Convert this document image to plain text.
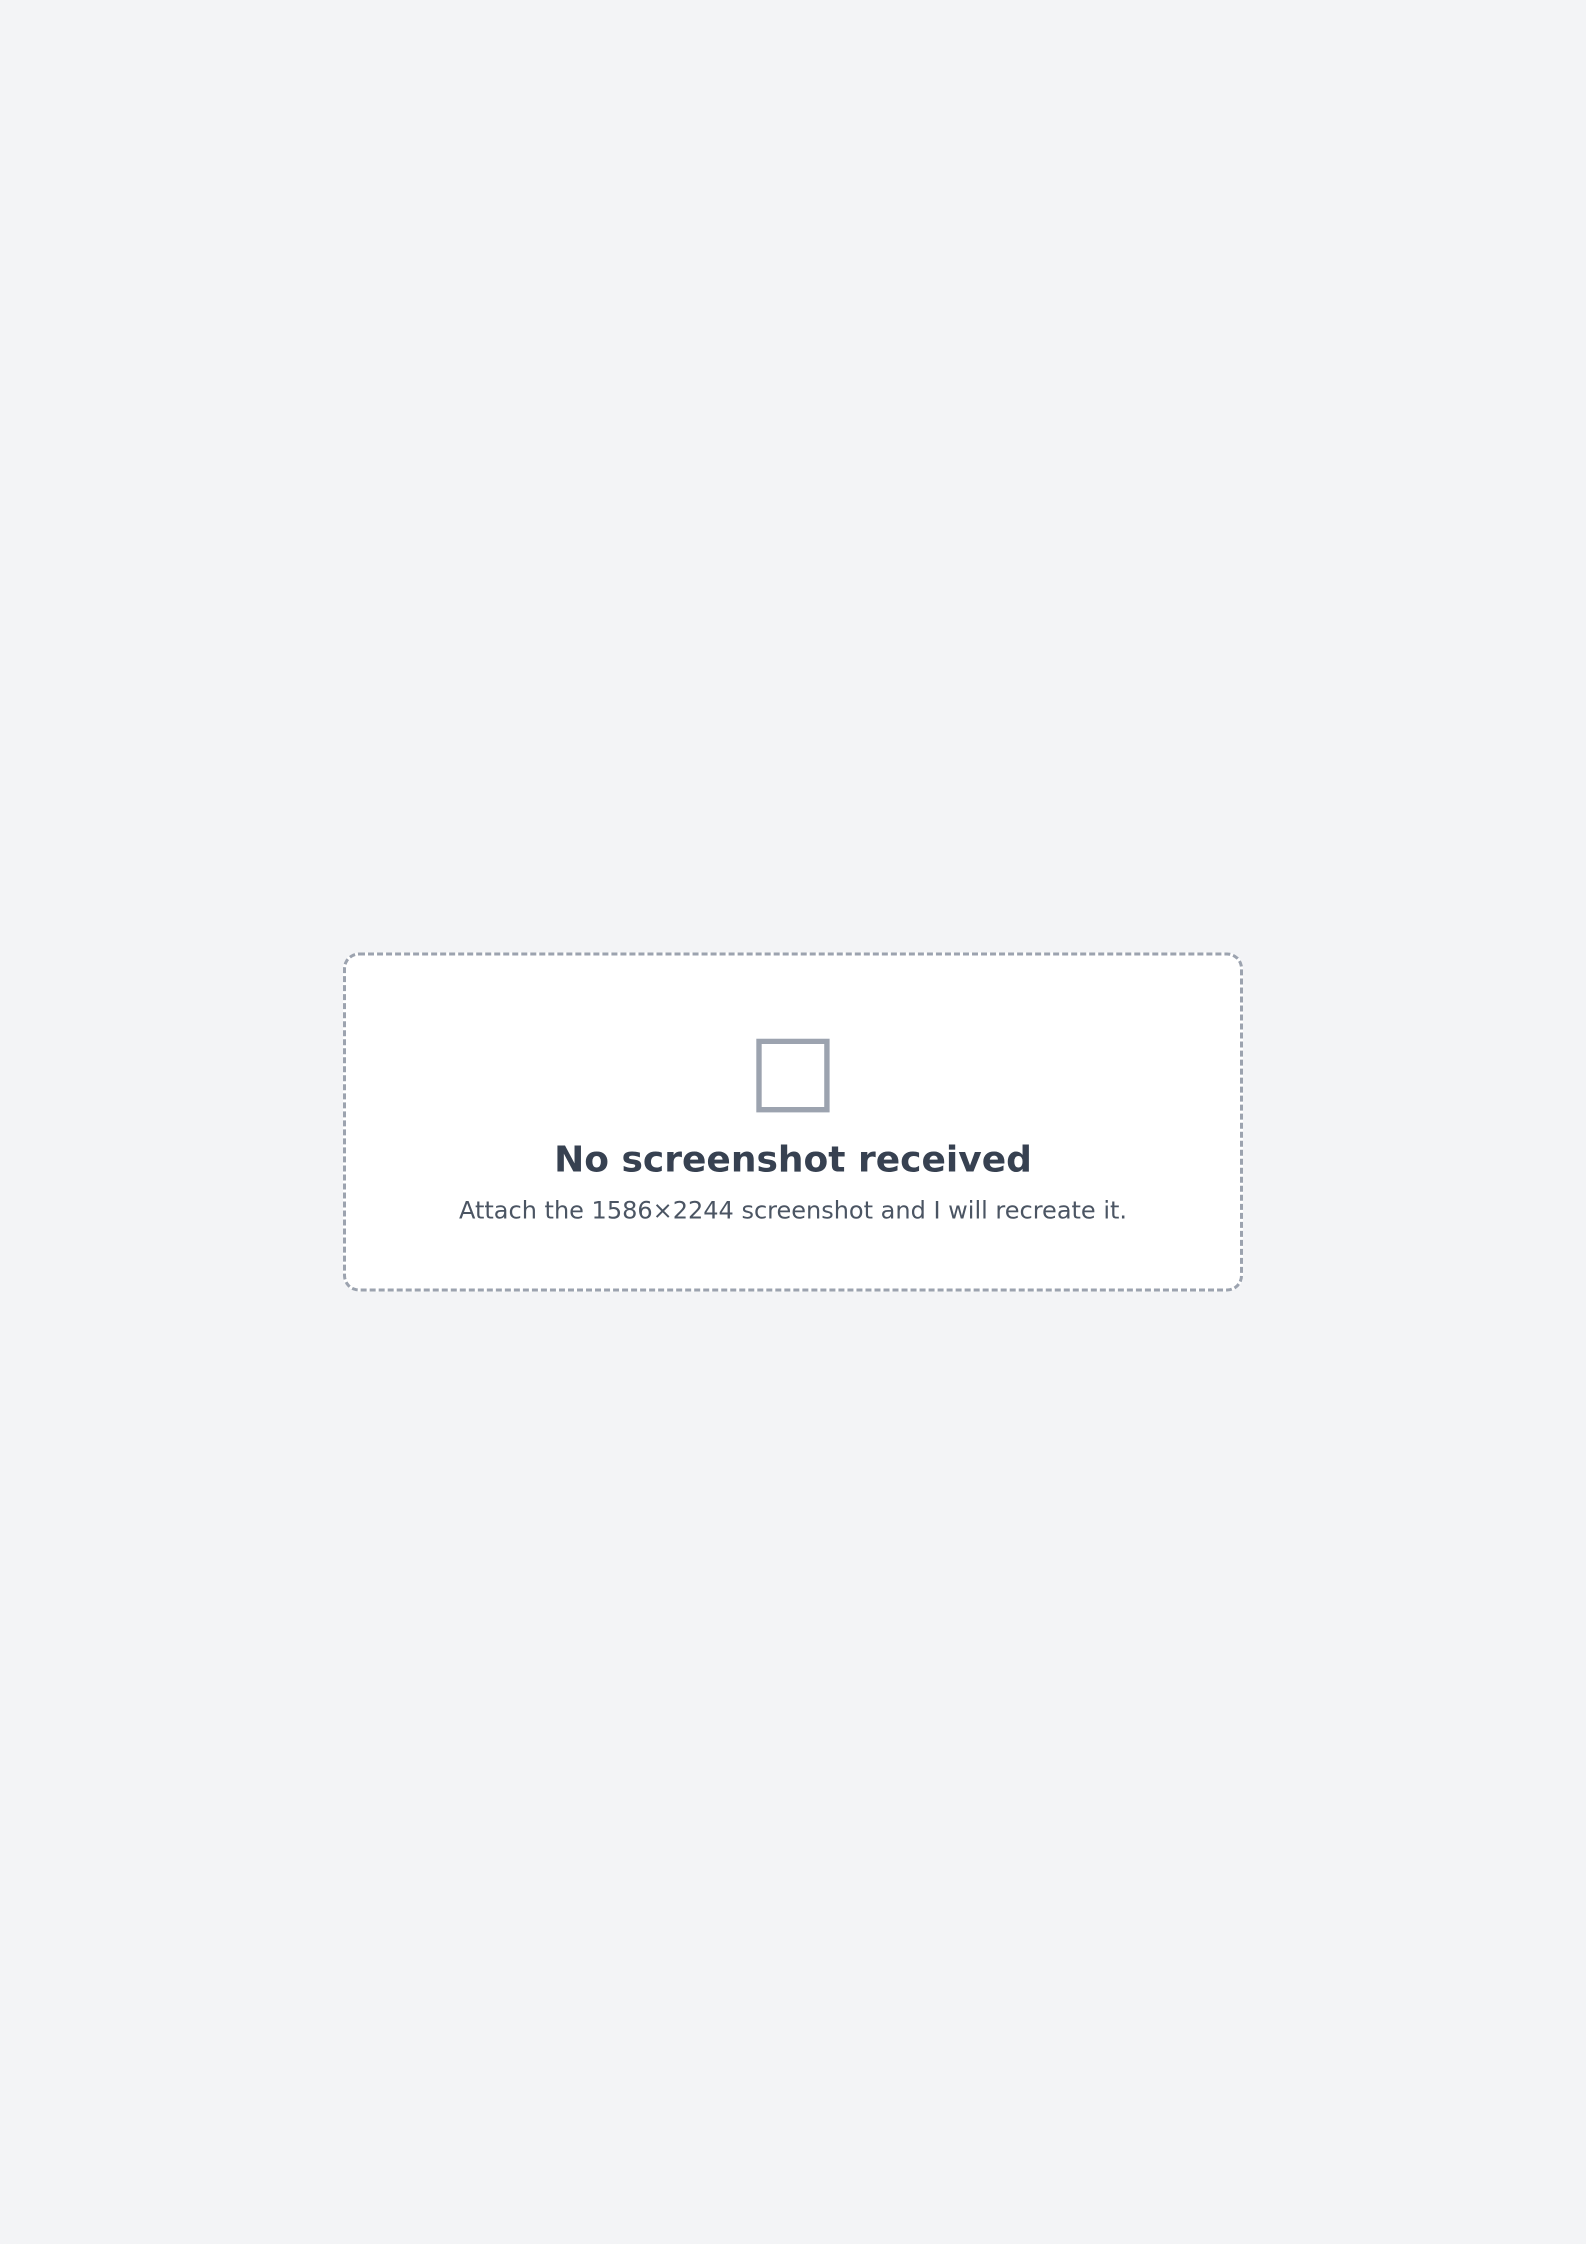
□

No screenshot received

Attach the 1586×2244 screenshot and I will recreate it.
